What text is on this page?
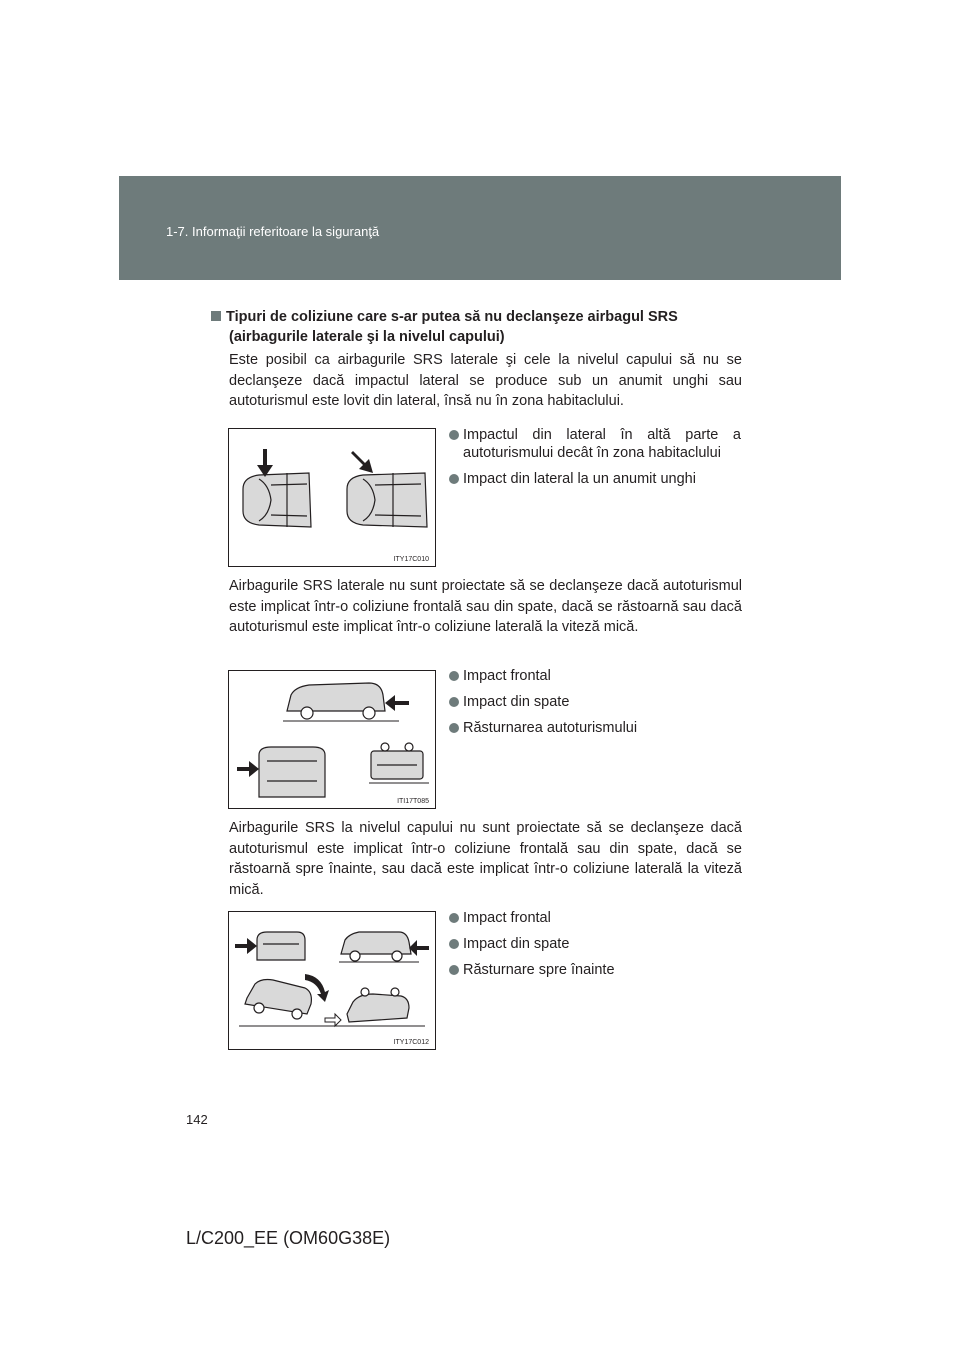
1-7. Informaţii referitoare la siguranţă
Tipuri de coliziune care s-ar putea să nu declanşeze airbagul SRS
(airbagurile laterale şi la nivelul capului)
Este posibil ca airbagurile SRS laterale şi cele la nivelul capului să nu se declanşeze dacă impactul lateral se produce sub un anumit unghi sau autoturismul este lovit din lateral, însă nu în zona habitaclului.
ITY17C010
Impactul din lateral în altă parte a autoturismului decât în zona habitaclului
Impact din lateral la un anumit unghi
Airbagurile SRS laterale nu sunt proiectate să se declanşeze dacă autoturismul este implicat într-o coliziune frontală sau din spate, dacă se răstoarnă sau dacă autoturismul este implicat într-o coliziune laterală la viteză mică.
ITI17T085
Impact frontal
Impact din spate
Răsturnarea autoturismului
Airbagurile SRS la nivelul capului nu sunt proiectate să se declanşeze dacă autoturismul este implicat într-o coliziune frontală sau din spate, dacă se răstoarnă spre înainte, sau dacă este implicat într-o coliziune laterală la viteză mică.
ITY17C012
Impact frontal
Impact din spate
Răsturnare spre înainte
142
L/C200_EE (OM60G38E)
